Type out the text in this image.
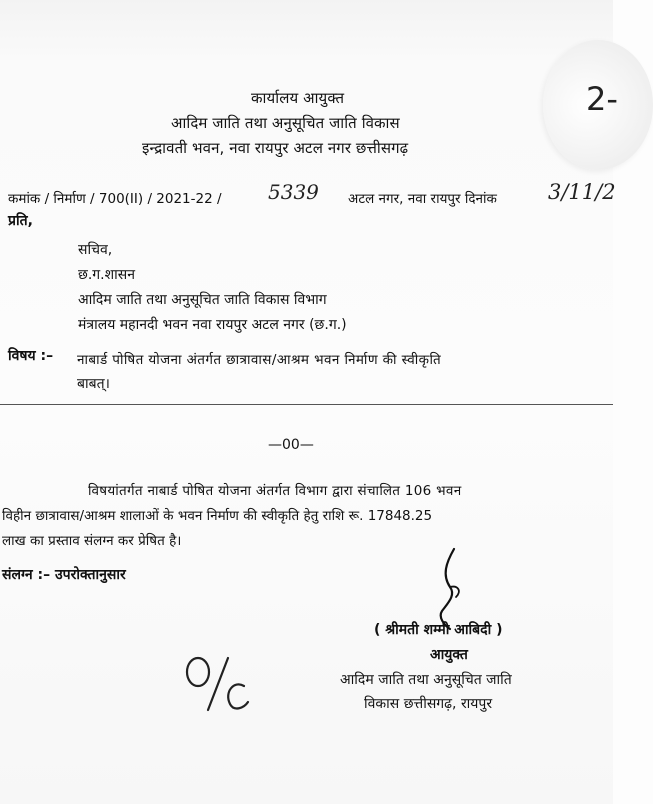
2-
कार्यालय आयुक्त
आदिम जाति तथा अनुसूचित जाति विकास
इन्द्रावती भवन, नवा रायपुर अटल नगर छत्तीसगढ़
कमांक / निर्माण / 700(II) / 2021-22 / 5339 अटल नगर, नवा रायपुर दिनांक 3/11/2
प्रति,
सचिव,
छ.ग.शासन
आदिम जाति तथा अनुसूचित जाति विकास विभाग
मंत्रालय महानदी भवन नवा रायपुर अटल नगर (छ.ग.)
विषय :– नाबार्ड पोषित योजना अंतर्गत छात्रावास/आश्रम भवन निर्माण की स्वीकृति
बाबत्।
—00—
विषयांतर्गत नाबार्ड पोषित योजना अंतर्गत विभाग द्वारा संचालित 106 भवन
विहीन छात्रावास/आश्रम शालाओं के भवन निर्माण की स्वीकृति हेतु राशि रू. 17848.25
लाख का प्रस्ताव संलग्न कर प्रेषित है।
संलग्न :– उपरोक्तानुसार
( श्रीमती शम्मी आबिदी )
आयुक्त
आदिम जाति तथा अनुसूचित जाति
विकास छत्तीसगढ़, रायपुर
